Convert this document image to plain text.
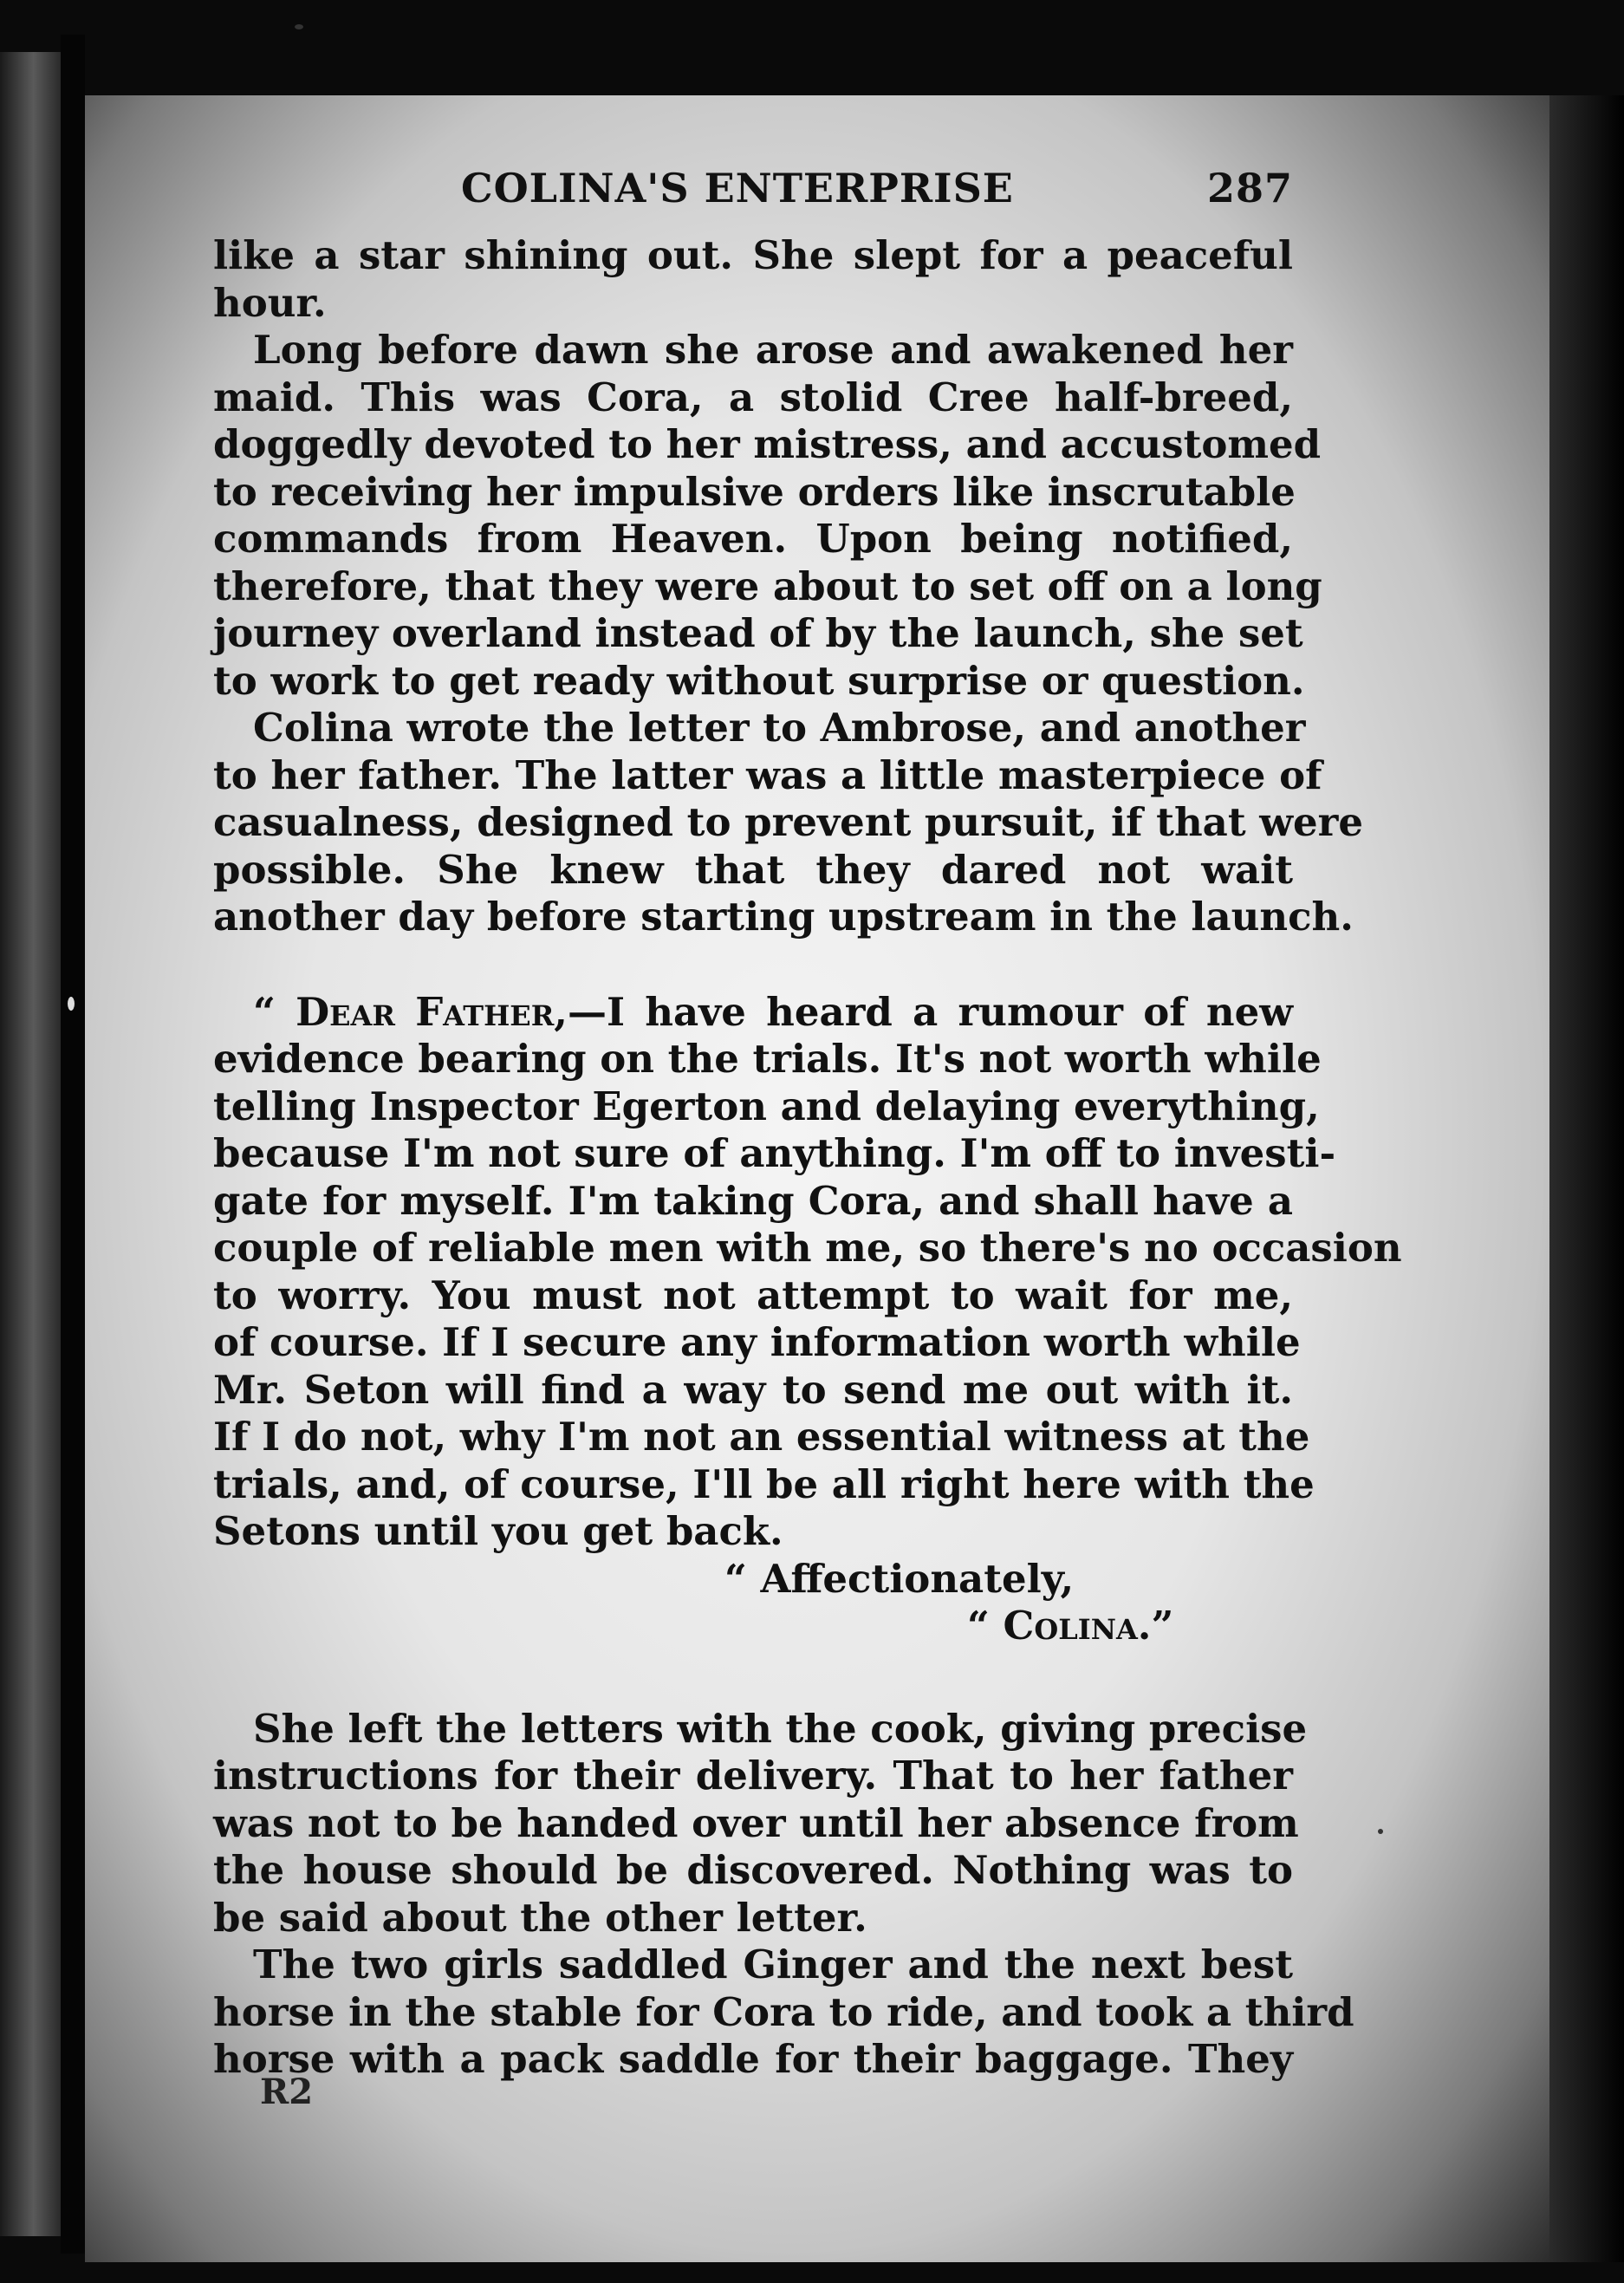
COLINA'S ENTERPRISE	287
like a star shining out. She slept for a peaceful
hour.
Long before dawn she arose and awakened her
maid. This was Cora, a stolid Cree half-breed,
doggedly devoted to her mistress, and accustomed
to receiving her impulsive orders like inscrutable
commands from Heaven. Upon being notified,
therefore, that they were about to set off on a long
journey overland instead of by the launch, she set
to work to get ready without surprise or question.
Colina wrote the letter to Ambrose, and another
to her father. The latter was a little masterpiece of
casualness, designed to prevent pursuit, if that were
possible. She knew that they dared not wait
another day before starting upstream in the launch.
“ Dear Father,—I have heard a rumour of new
evidence bearing on the trials. It's not worth while
telling Inspector Egerton and delaying everything,
because I'm not sure of anything. I'm off to investi-
gate for myself. I'm taking Cora, and shall have a
couple of reliable men with me, so there's no occasion
to worry. You must not attempt to wait for me,
of course. If I secure any information worth while
Mr. Seton will find a way to send me out with it.
If I do not, why I'm not an essential witness at the
trials, and, of course, I'll be all right here with the
Setons until you get back.
“ Affectionately,
“ Colina.”
She left the letters with the cook, giving precise
instructions for their delivery. That to her father
was not to be handed over until her absence from
the house should be discovered. Nothing was to
be said about the other letter.
The two girls saddled Ginger and the next best
horse in the stable for Cora to ride, and took a third
horse with a pack saddle for their baggage. They
R2
